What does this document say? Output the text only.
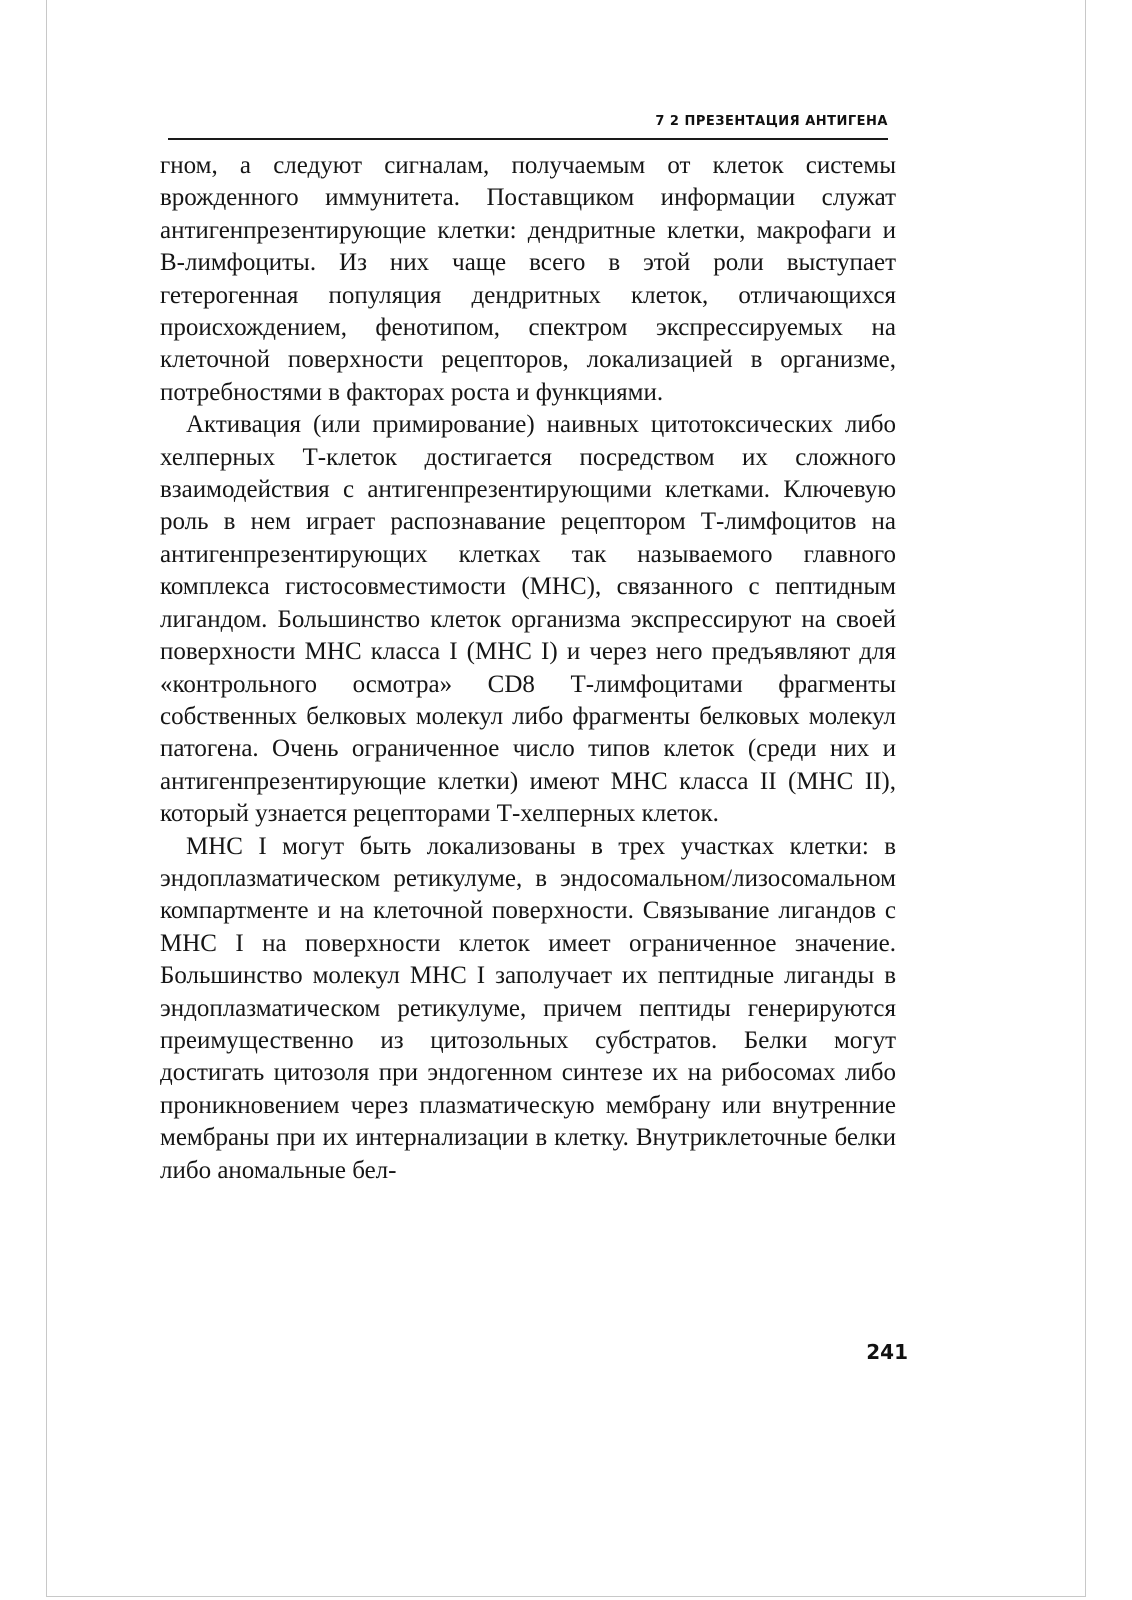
7 2 ПРЕЗЕНТАЦИЯ АНТИГЕНА

гном, а следуют сигналам, получаемым от клеток системы врожденного иммунитета. Поставщиком информации служат антигенпрезентирующие клетки: дендритные клетки, макрофаги и В-лимфоциты. Из них чаще всего в этой роли выступает гетерогенная популяция дендритных клеток, отличающихся происхождением, фенотипом, спектром экспрессируемых на клеточной поверхности рецепторов, локализацией в организме, потребностями в факторах роста и функциями.

Активация (или примирование) наивных цитотоксических либо хелперных Т-клеток достигается посредством их сложного взаимодействия с антигенпрезентирующими клетками. Ключевую роль в нем играет распознавание рецептором Т-лимфоцитов на антигенпрезентирующих клетках так называемого главного комплекса гистосовместимости (МНС), связанного с пептидным лигандом. Большинство клеток организма экспрессируют на своей поверхности МНС класса I (МНС I) и через него предъявляют для «контрольного осмотра» CD8 Т-лимфоцитами фрагменты собственных белковых молекул либо фрагменты белковых молекул патогена. Очень ограниченное число типов клеток (среди них и антигенпрезентирующие клетки) имеют МНС класса II (МНС II), который узнается рецепторами Т-хелперных клеток.

МНС I могут быть локализованы в трех участках клетки: в эндоплазматическом ретикулуме, в эндосомальном/лизосомальном компартменте и на клеточной поверхности. Связывание лигандов с МНС I на поверхности клеток имеет ограниченное значение. Большинство молекул МНС I заполучает их пептидные лиганды в эндоплазматическом ретикулуме, причем пептиды генерируются преимущественно из цитозольных субстратов. Белки могут достигать цитозоля при эндогенном синтезе их на рибосомах либо проникновением через плазматическую мембрану или внутренние мембраны при их интернализации в клетку. Внутриклеточные белки либо аномальные бел-

241
